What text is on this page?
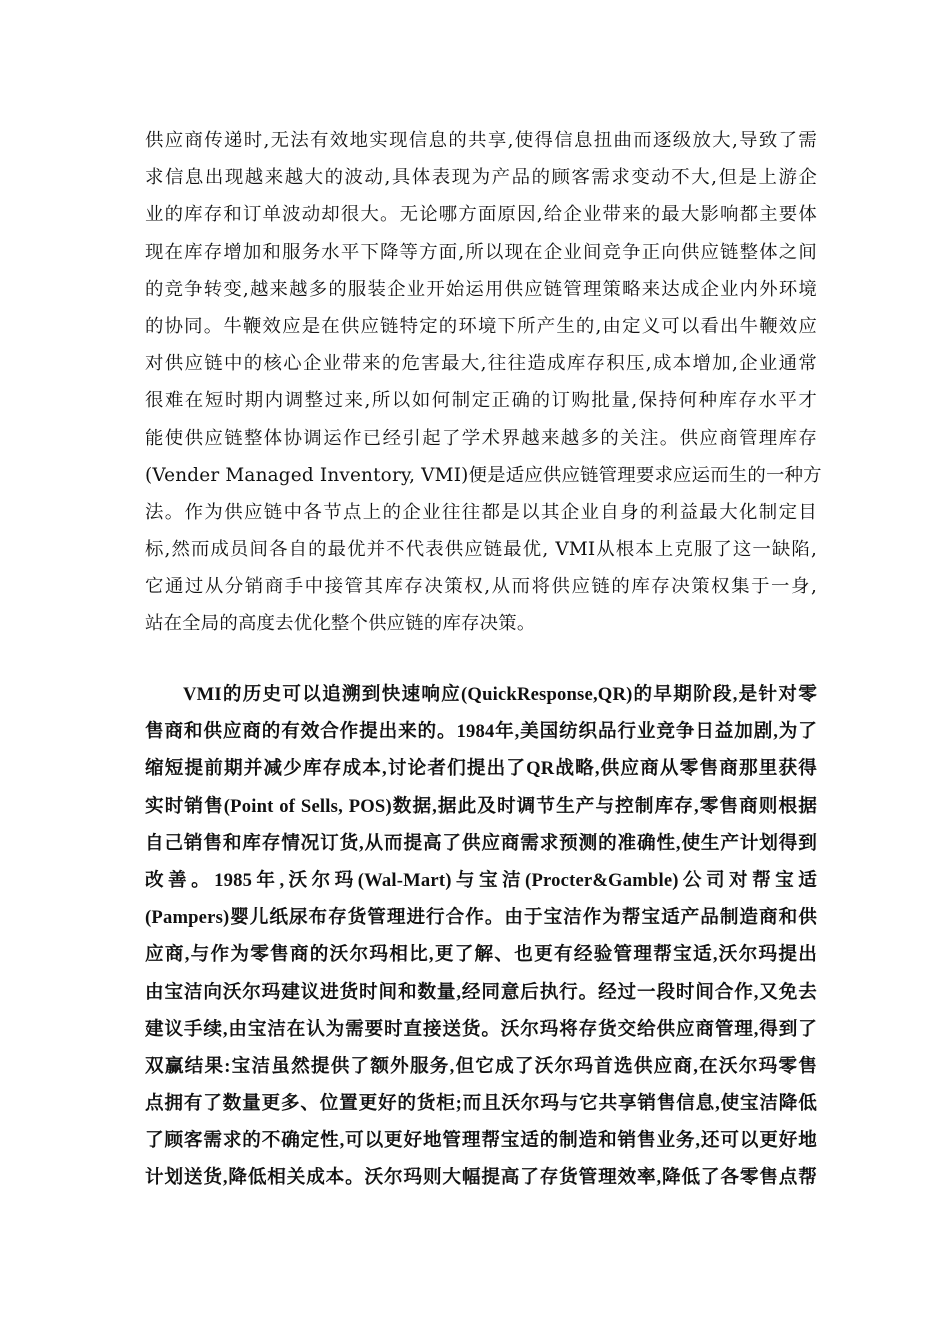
供应商传递时,无法有效地实现信息的共享,使得信息扭曲而逐级放大,导致了需
求信息出现越来越大的波动,具体表现为产品的顾客需求变动不大,但是上游企
业的库存和订单波动却很大。无论哪方面原因,给企业带来的最大影响都主要体
现在库存增加和服务水平下降等方面,所以现在企业间竞争正向供应链整体之间
的竞争转变,越来越多的服装企业开始运用供应链管理策略来达成企业内外环境
的协同。牛鞭效应是在供应链特定的环境下所产生的,由定义可以看出牛鞭效应
对供应链中的核心企业带来的危害最大,往往造成库存积压,成本增加,企业通常
很难在短时期内调整过来,所以如何制定正确的订购批量,保持何种库存水平才
能使供应链整体协调运作已经引起了学术界越来越多的关注。供应商管理库存
(Vender Managed Inventory, VMI)便是适应供应链管理要求应运而生的一种方
法。作为供应链中各节点上的企业往往都是以其企业自身的利益最大化制定目
标,然而成员间各自的最优并不代表供应链最优, VMI从根本上克服了这一缺陷,
它通过从分销商手中接管其库存决策权,从而将供应链的库存决策权集于一身,
站在全局的高度去优化整个供应链的库存决策。
VMI的历史可以追溯到快速响应(QuickResponse,QR)的早期阶段,是针对零
售商和供应商的有效合作提出来的。1984年,美国纺织品行业竞争日益加剧,为了
缩短提前期并减少库存成本,讨论者们提出了QR战略,供应商从零售商那里获得
实时销售(Point of Sells, POS)数据,据此及时调节生产与控制库存,零售商则根据
自己销售和库存情况订货,从而提高了供应商需求预测的准确性,使生产计划得到
改善。1985年,沃尔玛(Wal-Mart)与宝洁(Procter&Gamble)公司对帮宝适
(Pampers)婴儿纸尿布存货管理进行合作。由于宝洁作为帮宝适产品制造商和供
应商,与作为零售商的沃尔玛相比,更了解、也更有经验管理帮宝适,沃尔玛提出
由宝洁向沃尔玛建议进货时间和数量,经同意后执行。经过一段时间合作,又免去
建议手续,由宝洁在认为需要时直接送货。沃尔玛将存货交给供应商管理,得到了
双赢结果:宝洁虽然提供了额外服务,但它成了沃尔玛首选供应商,在沃尔玛零售
点拥有了数量更多、位置更好的货柜;而且沃尔玛与它共享销售信息,使宝洁降低
了顾客需求的不确定性,可以更好地管理帮宝适的制造和销售业务,还可以更好地
计划送货,降低相关成本。沃尔玛则大幅提高了存货管理效率,降低了各零售点帮
